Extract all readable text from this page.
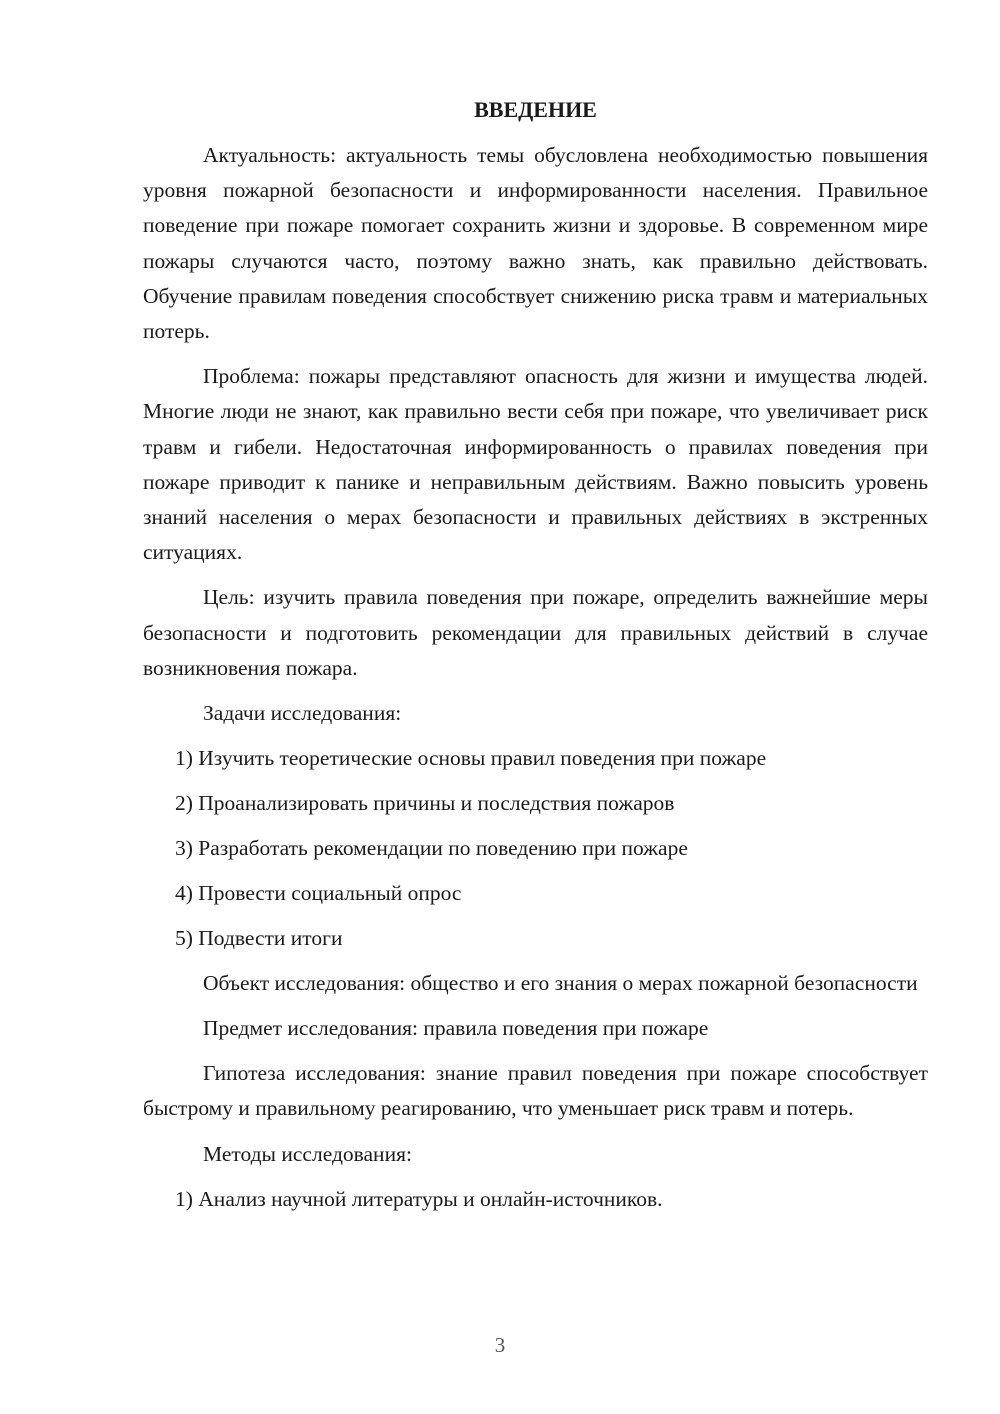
ВВЕДЕНИЕ

Актуальность: актуальность темы обусловлена необходимостью повышения уровня пожарной безопасности и информированности населения. Правильное поведение при пожаре помогает сохранить жизни и здоровье. В современном мире пожары случаются часто, поэтому важно знать, как правильно действовать. Обучение правилам поведения способствует снижению риска травм и материальных потерь.

Проблема: пожары представляют опасность для жизни и имущества людей. Многие люди не знают, как правильно вести себя при пожаре, что увеличивает риск травм и гибели. Недостаточная информированность о правилах поведения при пожаре приводит к панике и неправильным действиям. Важно повысить уровень знаний населения о мерах безопасности и правильных действиях в экстренных ситуациях.

Цель: изучить правила поведения при пожаре, определить важнейшие меры безопасности и подготовить рекомендации для правильных действий в случае возникновения пожара.

Задачи исследования:

1) Изучить теоретические основы правил поведения при пожаре
2) Проанализировать причины и последствия пожаров
3) Разработать рекомендации по поведению при пожаре
4) Провести социальный опрос
5) Подвести итоги

Объект исследования: общество и его знания о мерах пожарной безопасности

Предмет исследования: правила поведения при пожаре

Гипотеза исследования: знание правил поведения при пожаре способствует быстрому и правильному реагированию, что уменьшает риск травм и потерь.

Методы исследования:

1) Анализ научной литературы и онлайн-источников.
3
